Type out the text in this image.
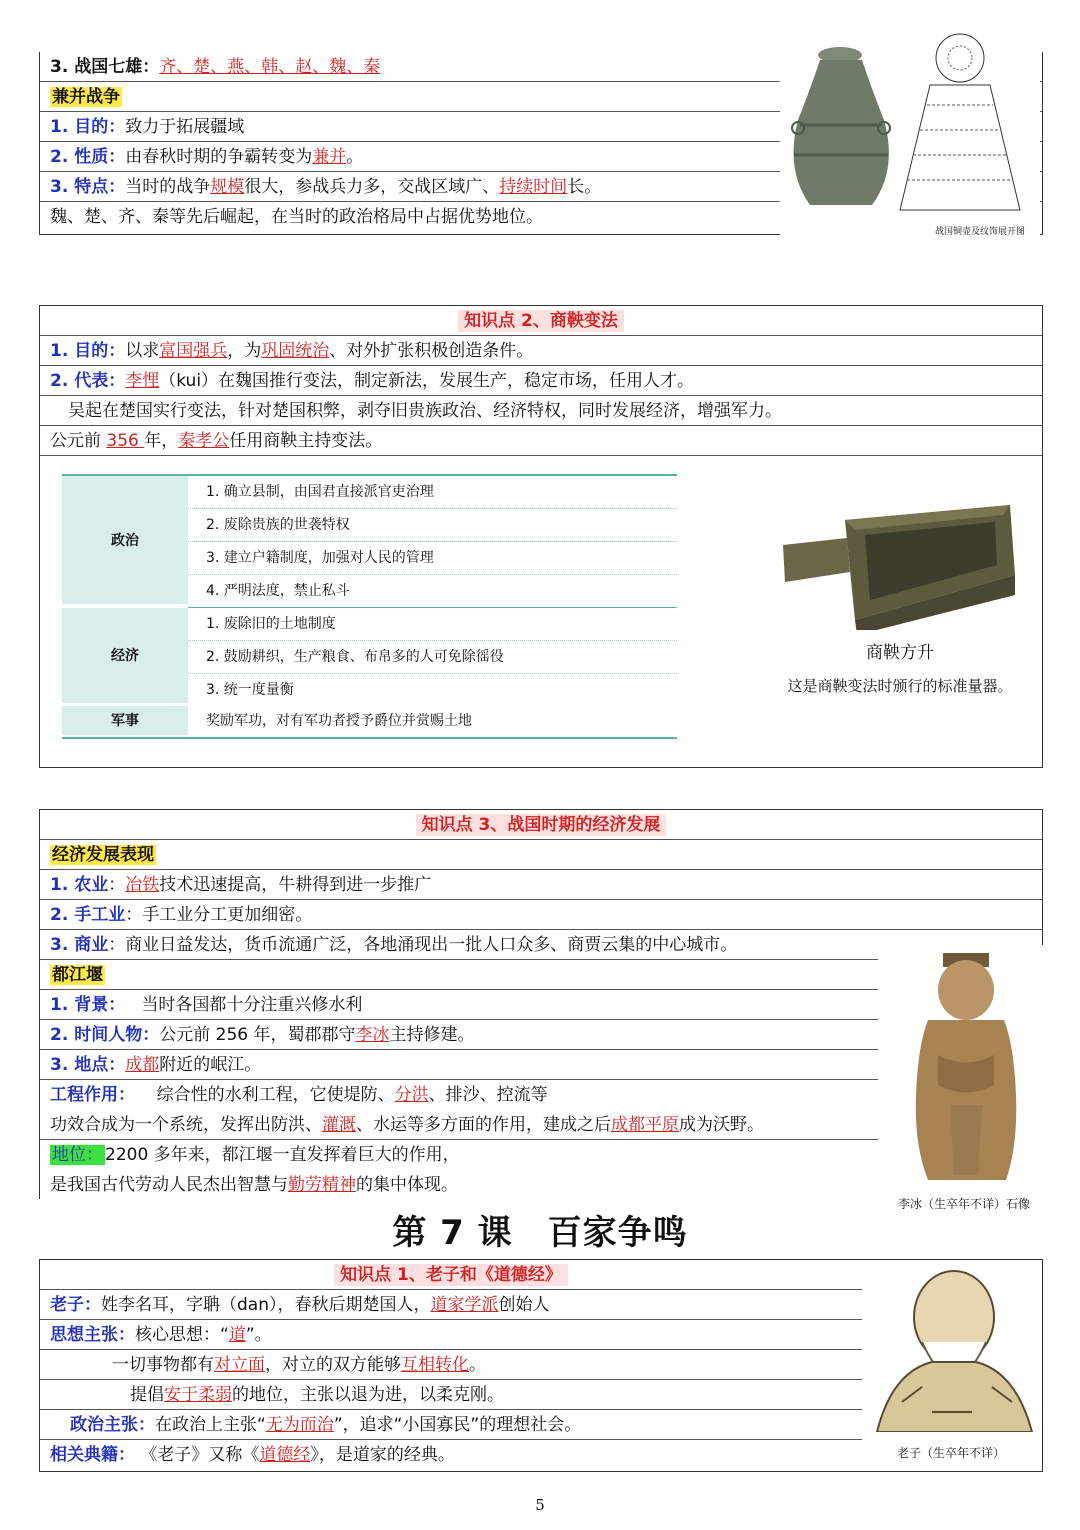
3. 战国七雄：齐、楚、燕、韩、赵、魏、秦
兼并战争
1. 目的：致力于拓展疆域
2. 性质：由春秋时期的争霸转变为兼并。
3. 特点：当时的战争规模很大，参战兵力多，交战区域广、持续时间长。
魏、楚、齐、秦等先后崛起，在当时的政治格局中占据优势地位。
战国铜壶及纹饰展开图
知识点 2、商鞅变法
1. 目的：以求富国强兵，为巩固统治、对外扩张积极创造条件。
2. 代表：李悝（kui）在魏国推行变法，制定新法，发展生产，稳定市场，任用人才。
吴起在楚国实行变法，针对楚国积弊，剥夺旧贵族政治、经济特权，同时发展经济，增强军力。
公元前 356 年，秦孝公任用商鞅主持变法。
政治
1. 确立县制，由国君直接派官吏治理
2. 废除贵族的世袭特权
3. 建立户籍制度，加强对人民的管理
4. 严明法度，禁止私斗
经济
1. 废除旧的土地制度
2. 鼓励耕织，生产粮食、布帛多的人可免除徭役
3. 统一度量衡
军事	奖励军功，对有军功者授予爵位并赏赐土地
商鞅方升
这是商鞅变法时颁行的标准量器。
知识点 3、战国时期的经济发展
经济发展表现
1. 农业：冶铁技术迅速提高，牛耕得到进一步推广
2. 手工业：手工业分工更加细密。
3. 商业：商业日益发达，货币流通广泛，各地涌现出一批人口众多、商贾云集的中心城市。
都江堰
1. 背景： 当时各国都十分注重兴修水利
2. 时间人物：公元前 256 年，蜀郡郡守李冰主持修建。
3. 地点：成都附近的岷江。
工程作用： 综合性的水利工程，它使堤防、分洪、排沙、控流等
功效合成为一个系统，发挥出防洪、灌溉、水运等多方面的作用，建成之后成都平原成为沃野。
地位： 2200 多年来，都江堰一直发挥着巨大的作用，
是我国古代劳动人民杰出智慧与勤劳精神的集中体现。
李冰（生卒年不详）石像
第 7 课　百家争鸣
知识点 1、老子和《道德经》
老子：姓李名耳，字聃（dan），春秋后期楚国人，道家学派创始人
思想主张：核心思想：“道”。
一切事物都有对立面，对立的双方能够互相转化。
提倡安于柔弱的地位，主张以退为进，以柔克刚。
政治主张：在政治上主张“无为而治”，追求“小国寡民”的理想社会。
相关典籍： 《老子》又称《道德经》，是道家的经典。	老子（生卒年不详）
5
